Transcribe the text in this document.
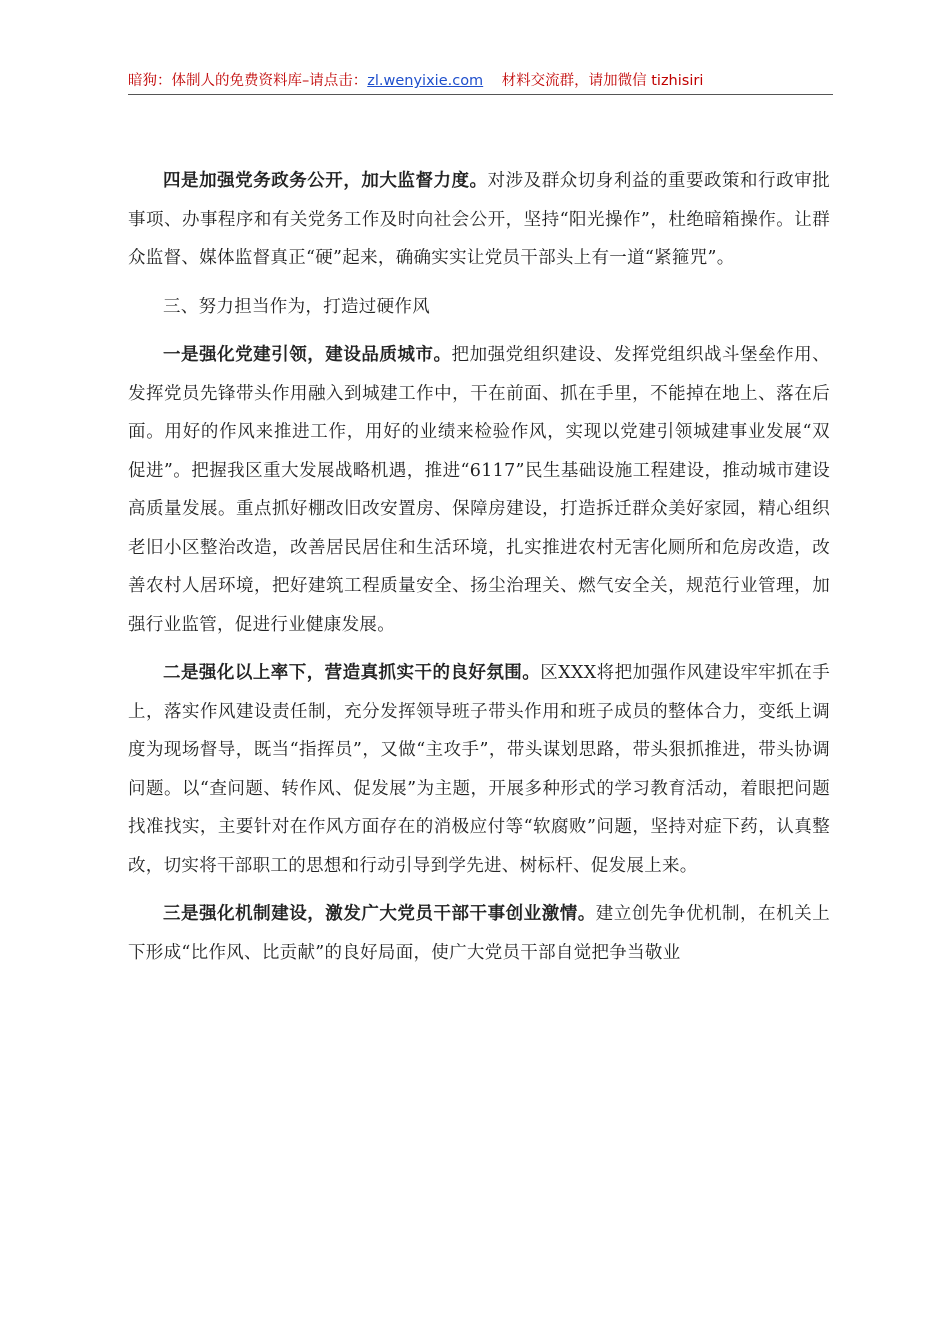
暗狗：体制人的免费资料库–请点击：zl.wenyixie.com 材料交流群，请加微信 tizhisiri

四是加强党务政务公开，加大监督力度。对涉及群众切身利益的重要政策和行政审批事项、办事程序和有关党务工作及时向社会公开，坚持“阳光操作”，杜绝暗箱操作。让群众监督、媒体监督真正“硬”起来，确确实实让党员干部头上有一道“紧箍咒”。

三、努力担当作为，打造过硬作风

一是强化党建引领，建设品质城市。把加强党组织建设、发挥党组织战斗堡垒作用、发挥党员先锋带头作用融入到城建工作中，干在前面、抓在手里，不能掉在地上、落在后面。用好的作风来推进工作，用好的业绩来检验作风，实现以党建引领城建事业发展“双促进”。把握我区重大发展战略机遇，推进“6117”民生基础设施工程建设，推动城市建设高质量发展。重点抓好棚改旧改安置房、保障房建设，打造拆迁群众美好家园，精心组织老旧小区整治改造，改善居民居住和生活环境，扎实推进农村无害化厕所和危房改造，改善农村人居环境，把好建筑工程质量安全、扬尘治理关、燃气安全关，规范行业管理，加强行业监管，促进行业健康发展。

二是强化以上率下，营造真抓实干的良好氛围。区XXX将把加强作风建设牢牢抓在手上，落实作风建设责任制，充分发挥领导班子带头作用和班子成员的整体合力，变纸上调度为现场督导，既当“指挥员”，又做“主攻手”，带头谋划思路，带头狠抓推进，带头协调问题。以“查问题、转作风、促发展”为主题，开展多种形式的学习教育活动，着眼把问题找准找实，主要针对在作风方面存在的消极应付等“软腐败”问题，坚持对症下药，认真整改，切实将干部职工的思想和行动引导到学先进、树标杆、促发展上来。

三是强化机制建设，激发广大党员干部干事创业激情。建立创先争优机制，在机关上下形成“比作风、比贡献”的良好局面，使广大党员干部自觉把争当敬业
